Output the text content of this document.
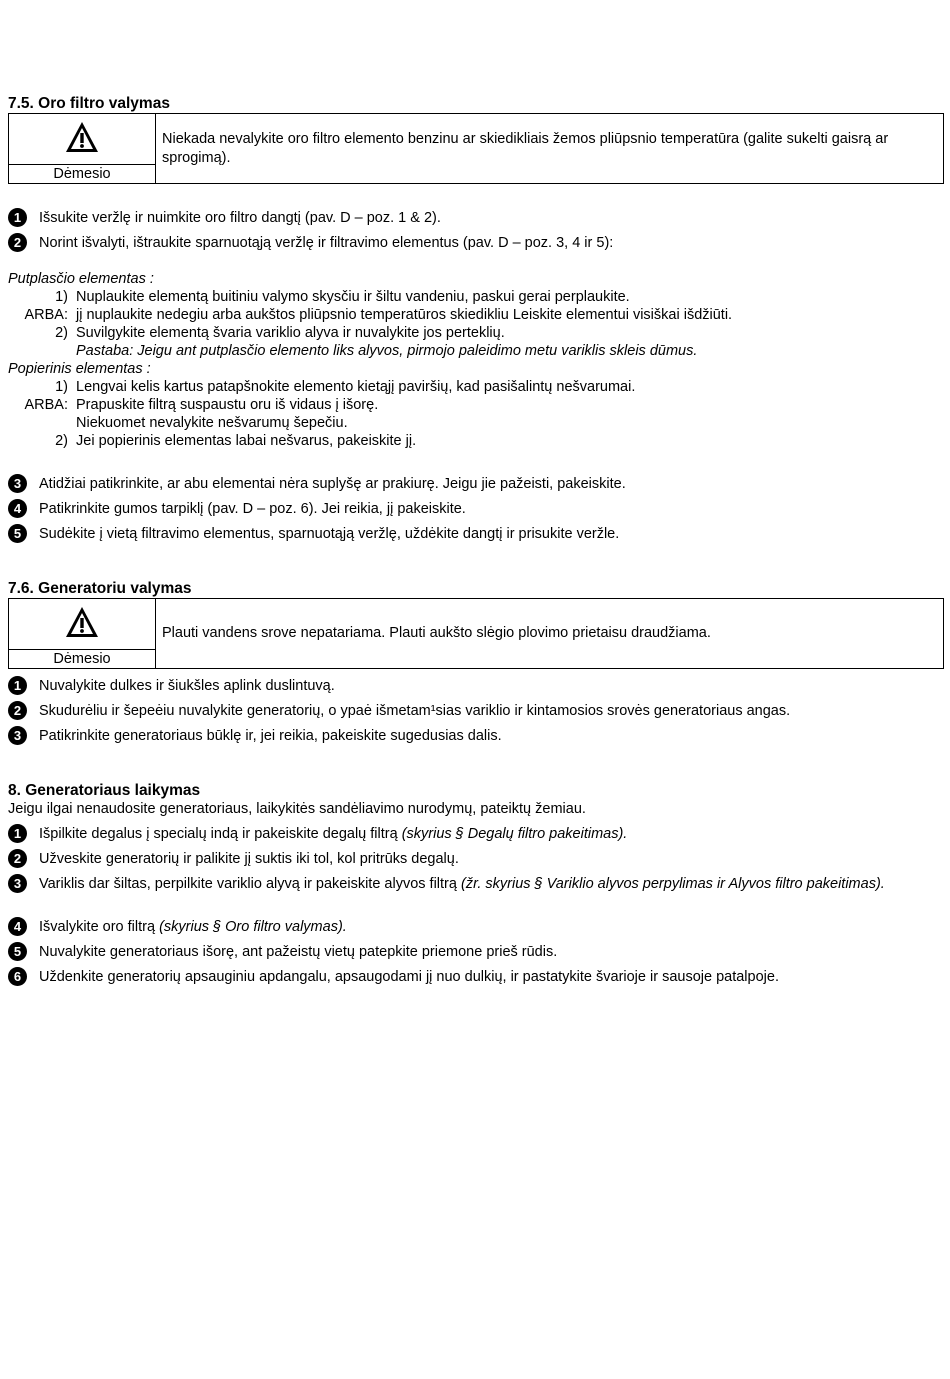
7.5. Oro filtro valymas
Dėmesio
Niekada nevalykite oro filtro elemento benzinu ar skiedikliais žemos pliūpsnio temperatūra (galite sukelti gaisrą ar sprogimą).
1	Išsukite veržlę ir nuimkite oro filtro dangtį (pav. D – poz. 1 & 2).
2	Norint išvalyti, ištraukite sparnuotąją veržlę ir filtravimo elementus (pav. D – poz. 3, 4 ir 5):
Putplasčio elementas :
1) Nuplaukite elementą buitiniu valymo skysčiu ir šiltu vandeniu, paskui gerai perplaukite.
ARBA: jį nuplaukite nedegiu arba aukštos pliūpsnio temperatūros skiedikliu Leiskite elementui visiškai išdžiūti.
2) Suvilgykite elementą švaria variklio alyva ir nuvalykite jos perteklių.
Pastaba: Jeigu ant putplasčio elemento liks alyvos, pirmojo paleidimo metu variklis skleis dūmus.
Popierinis elementas :
1) Lengvai kelis kartus patapšnokite elemento kietąjį paviršių, kad pasišalintų nešvarumai.
ARBA: Prapuskite filtrą suspaustu oru iš vidaus į išorę.
Niekuomet nevalykite nešvarumų šepečiu.
2) Jei popierinis elementas labai nešvarus, pakeiskite jį.
3	Atidžiai patikrinkite, ar abu elementai nėra suplyšę ar prakiurę. Jeigu jie pažeisti, pakeiskite.
4	Patikrinkite gumos tarpiklį (pav. D – poz. 6). Jei reikia, jį pakeiskite.
5	Sudėkite į vietą filtravimo elementus, sparnuotąją veržlę, uždėkite dangtį ir prisukite veržle.
7.6. Generatoriu valymas
Dėmesio
Plauti vandens srove nepatariama. Plauti aukšto slėgio plovimo prietaisu draudžiama.
1	Nuvalykite dulkes ir šiukšles aplink duslintuvą.
2	Skudurėliu ir šepeėiu nuvalykite generatorių, o ypaė išmetam¹sias variklio ir kintamosios srovės generatoriaus angas.
3	Patikrinkite generatoriaus būklę ir, jei reikia, pakeiskite sugedusias dalis.
8. Generatoriaus laikymas
Jeigu ilgai nenaudosite generatoriaus, laikykitės sandėliavimo nurodymų, pateiktų žemiau.
1	Išpilkite degalus į specialų indą ir pakeiskite degalų filtrą (skyrius § Degalų filtro pakeitimas).
2	Užveskite generatorių ir palikite jį suktis iki tol, kol pritrūks degalų.
3	Variklis dar šiltas, perpilkite variklio alyvą ir pakeiskite alyvos filtrą (žr. skyrius § Variklio alyvos perpylimas ir Alyvos filtro pakeitimas).
4	Išvalykite oro filtrą (skyrius § Oro filtro valymas).
5	Nuvalykite generatoriaus išorę, ant pažeistų vietų patepkite priemone prieš rūdis.
6	Uždenkite generatorių apsauginiu apdangalu, apsaugodami jį nuo dulkių, ir pastatykite švarioje ir sausoje patalpoje.
